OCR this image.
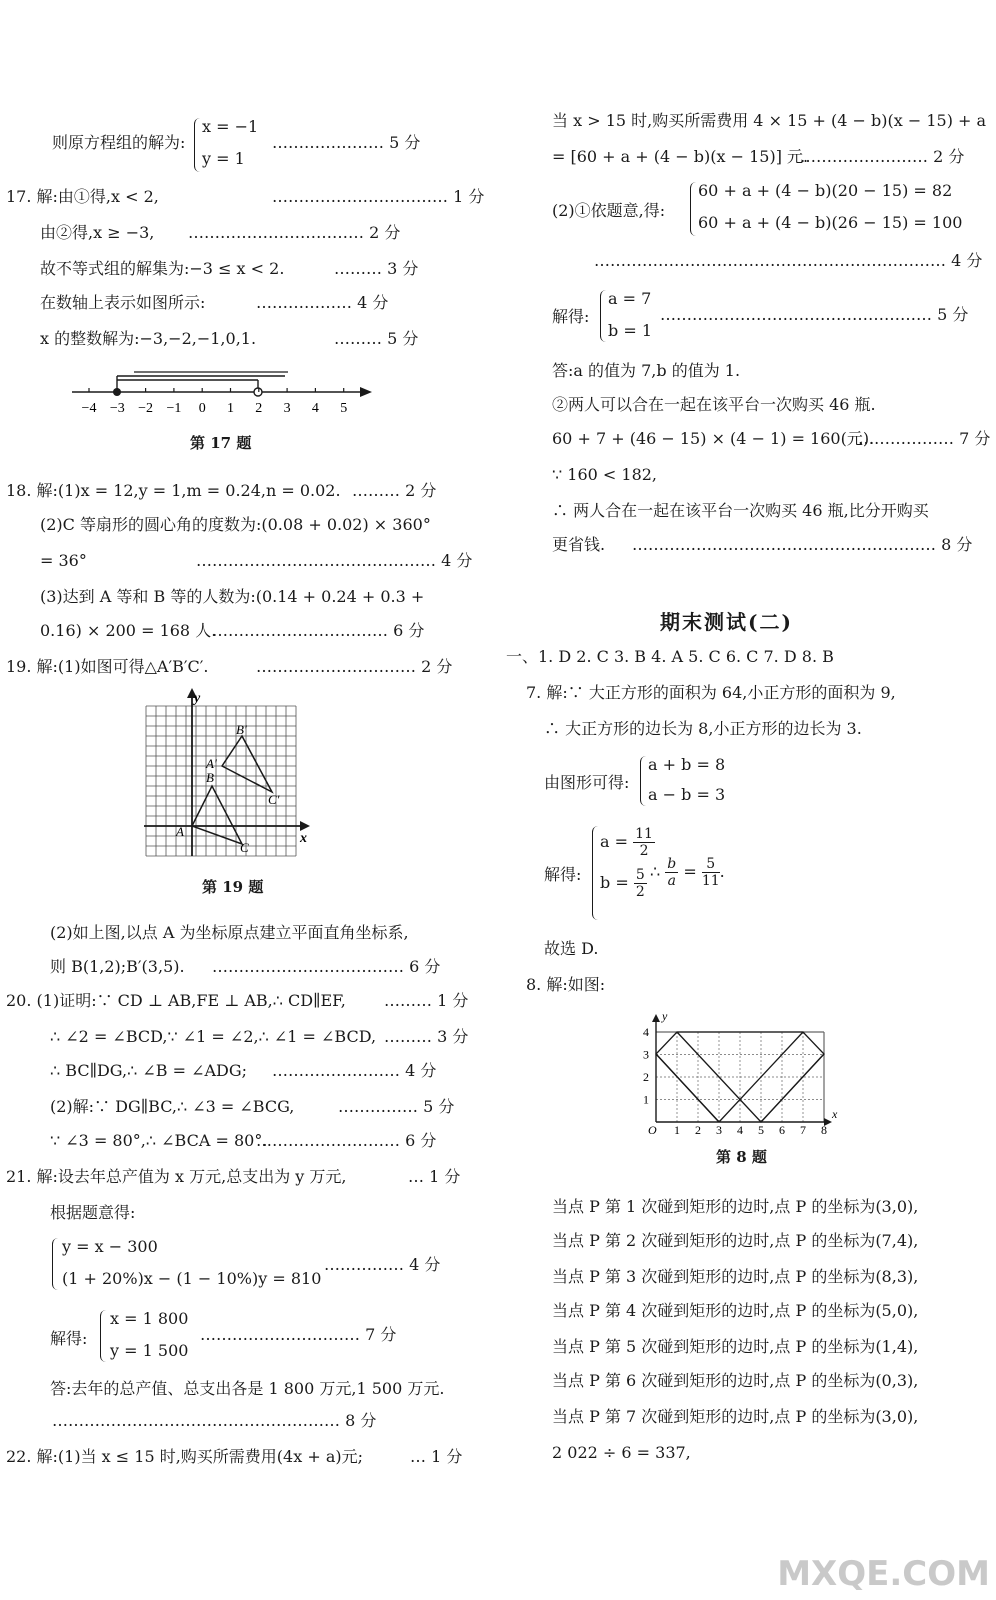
则原方程组的解为:
x = −1
y = 1
………………… 5 分
17. 解:由①得,x < 2,	…………………………… 1 分
由②得,x ≥ −3, …………………………… 2 分
故不等式组的解集为:−3 ≤ x < 2.	……… 3 分
在数轴上表示如图所示:	……………… 4 分
x 的整数解为:−3,−2,−1,0,1.	……… 5 分
−4 −3 −2 −1 0 1 2 3 4 5
第 17 题
18. 解:(1)x = 12,y = 1,m = 0.24,n = 0.02. ……… 2 分
(2)C 等扇形的圆心角的度数为:(0.08 + 0.02) × 360°
= 36°	……………………………………… 4 分
(3)达到 A 等和 B 等的人数为:(0.14 + 0.24 + 0.3 +
0.16) × 200 = 168 人.
…………………………… 6 分
19. 解:(1)如图可得△A′B′C′.	………………………… 2 分
y
x
A
B
C
A′
B′
C′
第 19 题
(2)如上图,以点 A 为坐标原点建立平面直角坐标系,
则 B(1,2);B′(3,5). ……………………………… 6 分
20. (1)证明:∵ CD ⊥ AB,FE ⊥ AB,∴ CD∥EF, ……… 1 分
∴ ∠2 = ∠BCD,∵ ∠1 = ∠2,∴ ∠1 = ∠BCD, ……… 3 分
∴ BC∥DG,∴ ∠B = ∠ADG; …………………… 4 分
(2)解:∵ DG∥BC,∴ ∠3 = ∠BCG,	…………… 5 分
∵ ∠3 = 80°,∴ ∠BCA = 80°.
……………………… 6 分
21. 解:设去年总产值为 x 万元,总支出为 y 万元,	… 1 分
根据题意得:
y = x − 300
(1 + 20%)x − (1 − 10%)y = 810
…………… 4 分
解得:
x = 1 800
y = 1 500
………………………… 7 分
答:去年的总产值、总支出各是 1 800 万元,1 500 万元.
……………………………………………… 8 分
22. 解:(1)当 x ≤ 15 时,购买所需费用(4x + a)元;	… 1 分
当 x > 15 时,购买所需费用 4 × 15 + (4 − b)(x − 15) + a
= [60 + a + (4 − b)(x − 15)] 元.
…………………… 2 分
(2)①依题意,得:
60 + a + (4 − b)(20 − 15) = 82
60 + a + (4 − b)(26 − 15) = 100
………………………………………………………… 4 分
解得:
a = 7
b = 1
…………………………………………… 5 分
答:a 的值为 7,b 的值为 1.
②两人可以合在一起在该平台一次购买 46 瓶.
60 + 7 + (46 − 15) × (4 − 1) = 160(元).
……………… 7 分
∵ 160 < 182,
∴ 两人合在一起在该平台一次购买 46 瓶,比分开购买
更省钱. ………………………………………………… 8 分
期末测试(二)
一、1. D 2. C 3. B 4. A 5. C 6. C 7. D 8. B
7. 解:∵ 大正方形的面积为 64,小正方形的面积为 9,
∴ 大正方形的边长为 8,小正方形的边长为 3.
由图形可得:
a + b = 8
a − b = 3
解得:
$a = \frac{11}{2}$
$b = \frac{5}{2}$ ∴ $\frac{b}{a} = \frac{5}{11}$ .
故选 D.
8. 解:如图:
1 2 3 4 5 6 7 8
1
2
3
4
O
x
y
第 8 题
当点 P 第 1 次碰到矩形的边时,点 P 的坐标为(3,0),
当点 P 第 2 次碰到矩形的边时,点 P 的坐标为(7,4),
当点 P 第 3 次碰到矩形的边时,点 P 的坐标为(8,3),
当点 P 第 4 次碰到矩形的边时,点 P 的坐标为(5,0),
当点 P 第 5 次碰到矩形的边时,点 P 的坐标为(1,4),
当点 P 第 6 次碰到矩形的边时,点 P 的坐标为(0,3),
当点 P 第 7 次碰到矩形的边时,点 P 的坐标为(3,0),
2 022 ÷ 6 = 337,
MXQE.COM
